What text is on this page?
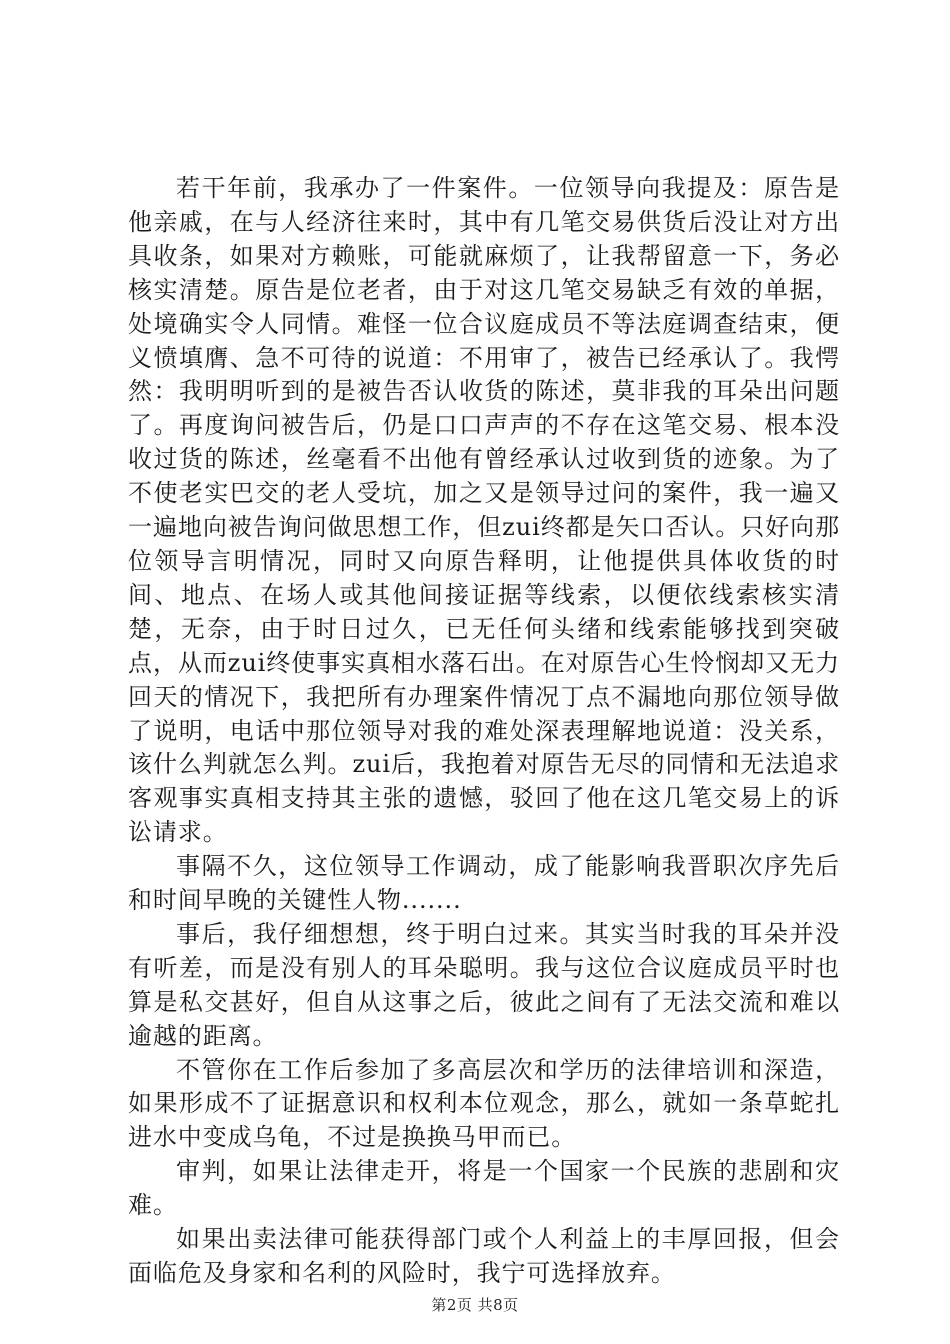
若干年前，我承办了一件案件。一位领导向我提及：原告是他亲戚，在与人经济往来时，其中有几笔交易供货后没让对方出具收条，如果对方赖账，可能就麻烦了，让我帮留意一下，务必核实清楚。原告是位老者，由于对这几笔交易缺乏有效的单据，处境确实令人同情。难怪一位合议庭成员不等法庭调查结束，便义愤填膺、急不可待的说道：不用审了，被告已经承认了。我愕然：我明明听到的是被告否认收货的陈述，莫非我的耳朵出问题了。再度询问被告后，仍是口口声声的不存在这笔交易、根本没收过货的陈述，丝毫看不出他有曾经承认过收到货的迹象。为了不使老实巴交的老人受坑，加之又是领导过问的案件，我一遍又一遍地向被告询问做思想工作，但zui终都是矢口否认。只好向那位领导言明情况，同时又向原告释明，让他提供具体收货的时间、地点、在场人或其他间接证据等线索，以便依线索核实清楚，无奈，由于时日过久，已无任何头绪和线索能够找到突破点，从而zui终使事实真相水落石出。在对原告心生怜悯却又无力回天的情况下，我把所有办理案件情况丁点不漏地向那位领导做了说明，电话中那位领导对我的难处深表理解地说道：没关系，该什么判就怎么判。zui后，我抱着对原告无尽的同情和无法追求客观事实真相支持其主张的遗憾，驳回了他在这几笔交易上的诉讼请求。

事隔不久，这位领导工作调动，成了能影响我晋职次序先后和时间早晚的关键性人物.......

事后，我仔细想想，终于明白过来。其实当时我的耳朵并没有听差，而是没有别人的耳朵聪明。我与这位合议庭成员平时也算是私交甚好，但自从这事之后，彼此之间有了无法交流和难以逾越的距离。

不管你在工作后参加了多高层次和学历的法律培训和深造，如果形成不了证据意识和权利本位观念，那么，就如一条草蛇扎进水中变成乌龟，不过是换换马甲而已。

审判，如果让法律走开，将是一个国家一个民族的悲剧和灾难。

如果出卖法律可能获得部门或个人利益上的丰厚回报，但会面临危及身家和名利的风险时，我宁可选择放弃。

第2页 共8页
